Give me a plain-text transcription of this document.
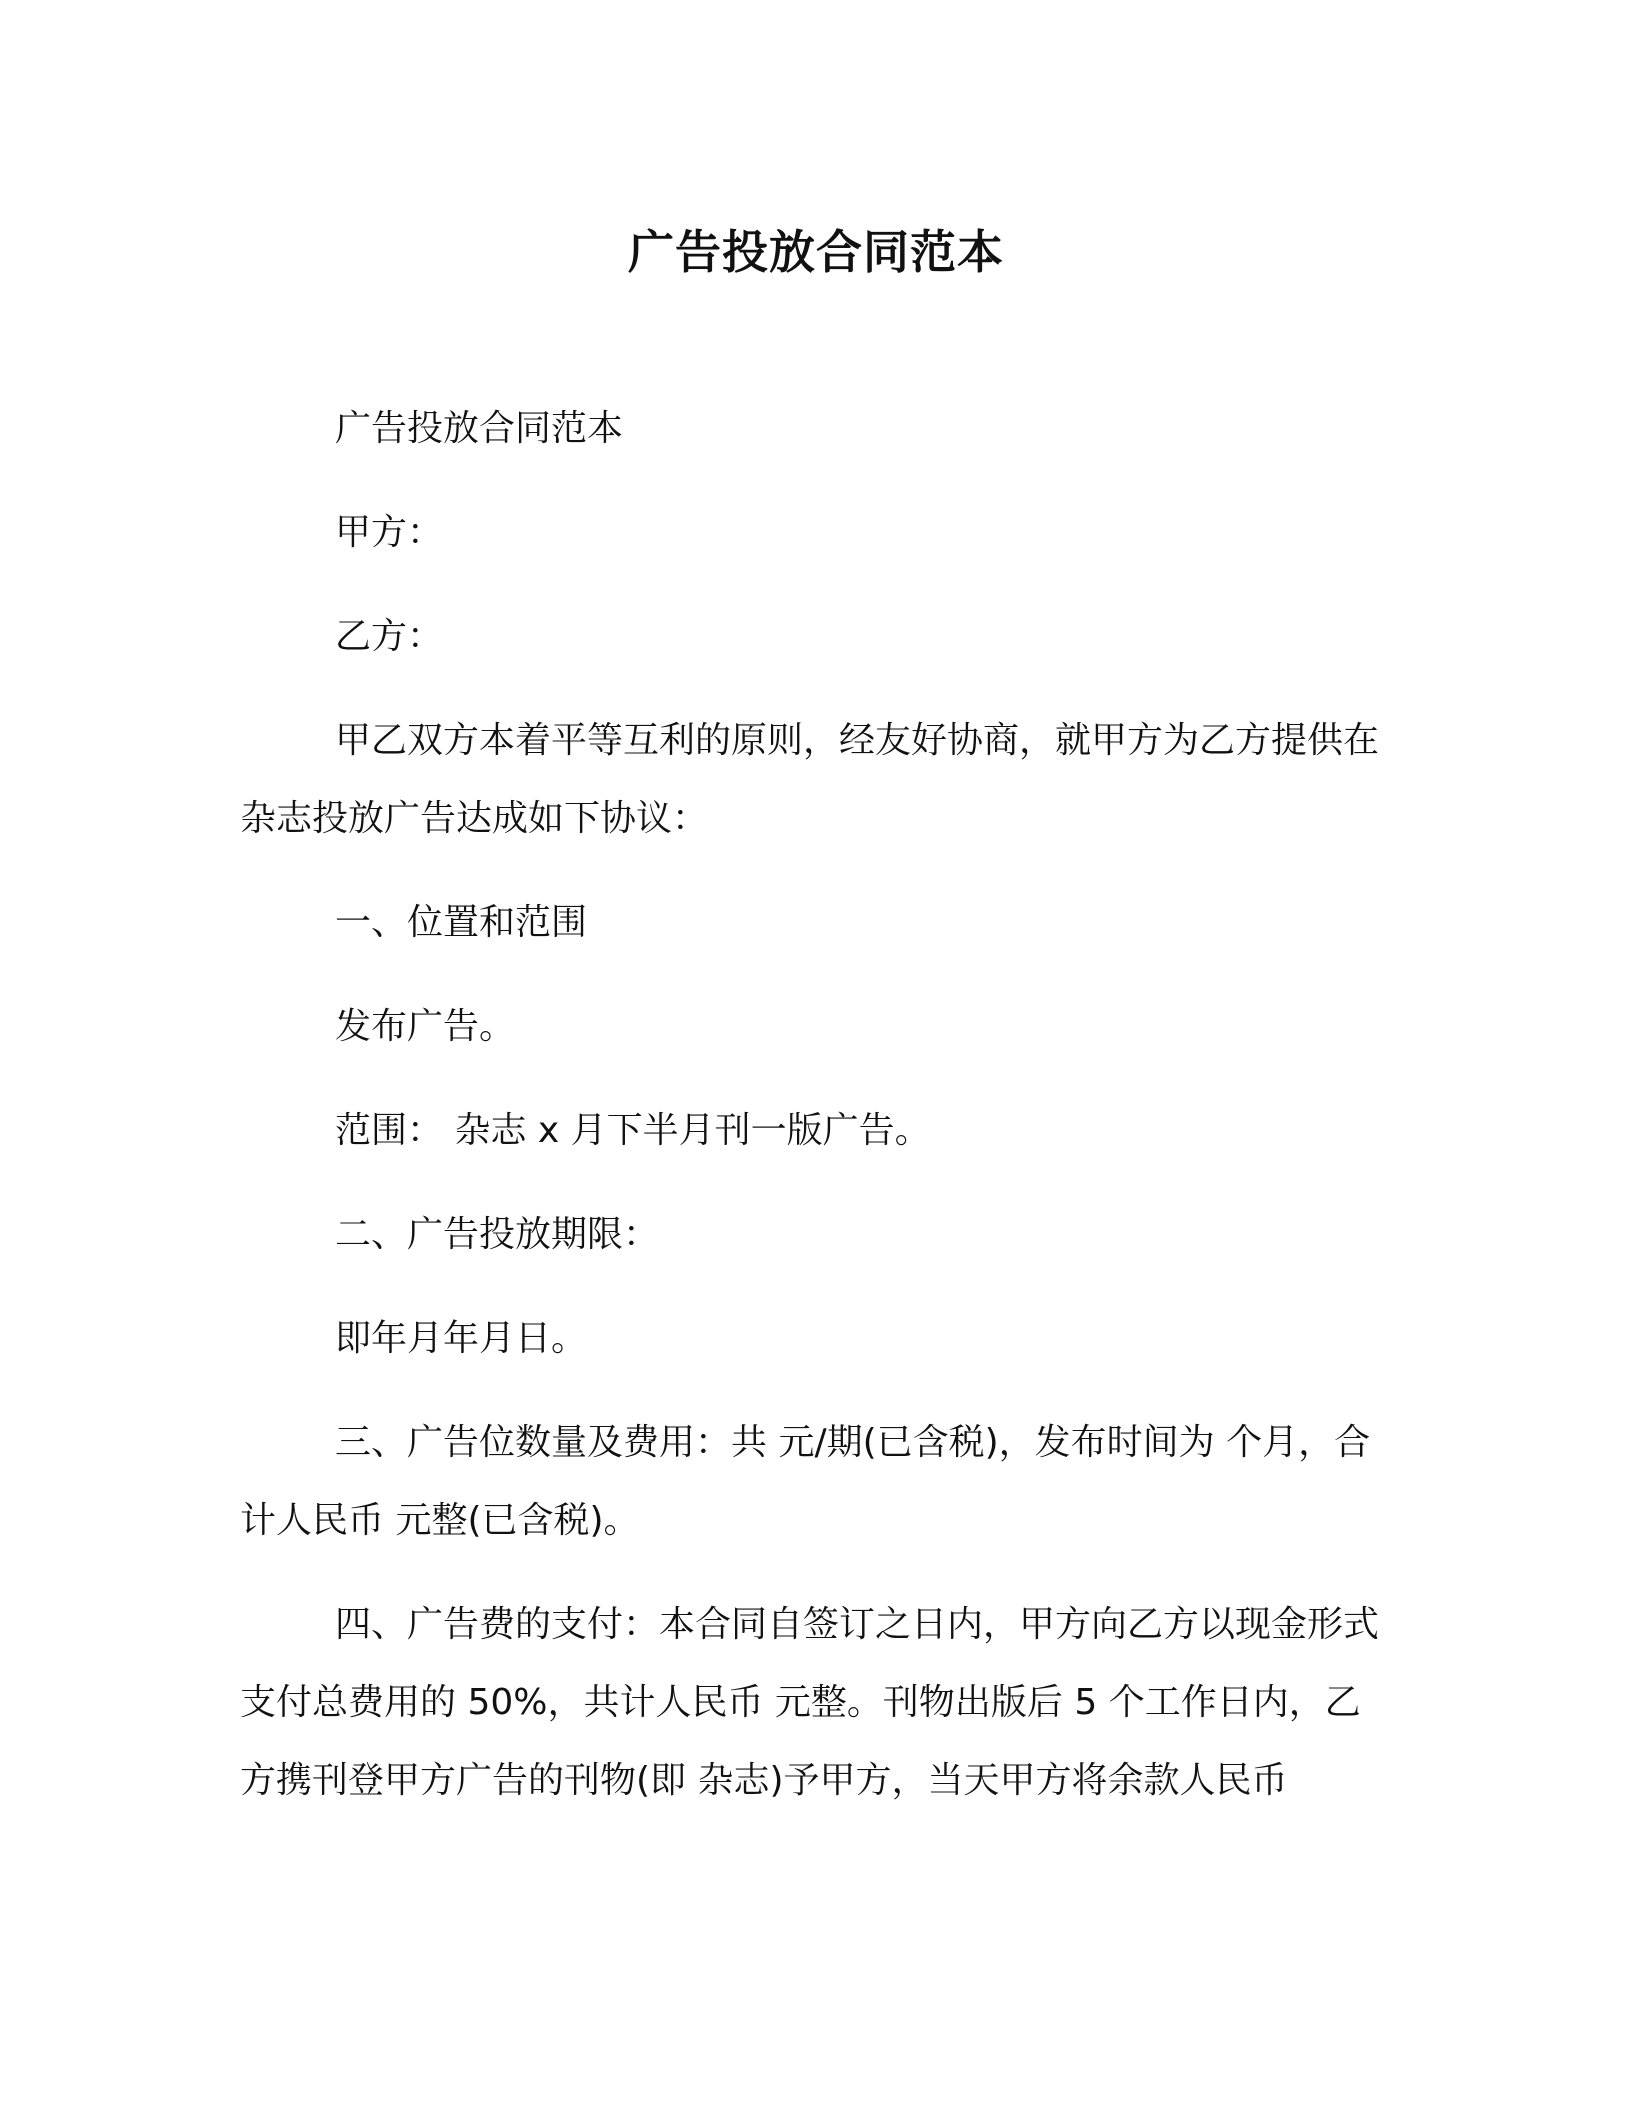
广告投放合同范本

广告投放合同范本

甲方：

乙方：

甲乙双方本着平等互利的原则，经友好协商，就甲方为乙方提供在 杂志投放广告达成如下协议：

一、位置和范围

发布广告。

范围： 杂志 x 月下半月刊一版广告。

二、广告投放期限：

即年月年月日。

三、广告位数量及费用：共 元/期(已含税)，发布时间为 个月，合计人民币 元整(已含税)。

四、广告费的支付：本合同自签订之日内，甲方向乙方以现金形式支付总费用的 50%，共计人民币 元整。刊物出版后 5 个工作日内，乙方携刊登甲方广告的刊物(即 杂志)予甲方，当天甲方将余款人民币
